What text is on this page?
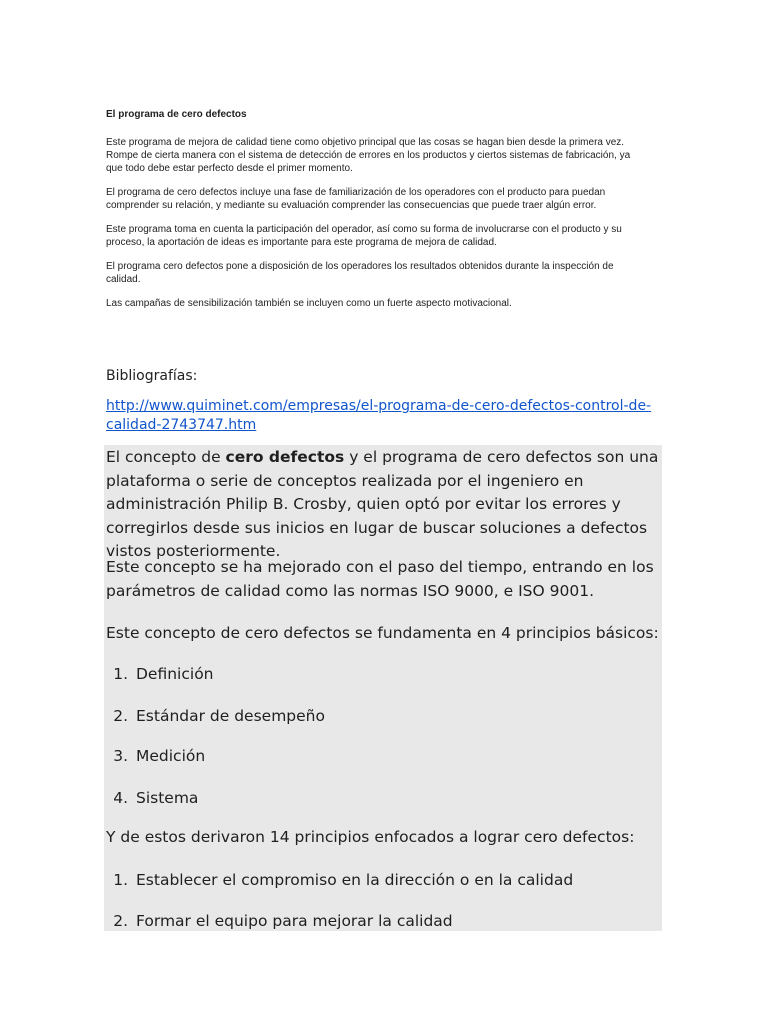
El programa de cero defectos

Este programa de mejora de calidad tiene como objetivo principal que las cosas se hagan bien desde la primera vez. Rompe de cierta manera con el sistema de detección de errores en los productos y ciertos sistemas de fabricación, ya que todo debe estar perfecto desde el primer momento.

El programa de cero defectos incluye una fase de familiarización de los operadores con el producto para puedan comprender su relación, y mediante su evaluación comprender las consecuencias que puede traer algún error.

Este programa toma en cuenta la participación del operador, así como su forma de involucrarse con el producto y su proceso, la aportación de ideas es importante para este programa de mejora de calidad.

El programa cero defectos pone a disposición de los operadores los resultados obtenidos durante la inspección de calidad.

Las campañas de sensibilización también se incluyen como un fuerte aspecto motivacional.

Bibliografías:
http://www.quiminet.com/empresas/el-programa-de-cero-defectos-control-de-calidad-2743747.htm
El concepto de cero defectos y el programa de cero defectos son una plataforma o serie de conceptos realizada por el ingeniero en administración Philip B. Crosby, quien optó por evitar los errores y corregirlos desde sus inicios en lugar de buscar soluciones a defectos vistos posteriormente.
Este concepto se ha mejorado con el paso del tiempo, entrando en los parámetros de calidad como las normas ISO 9000, e ISO 9001.
Este concepto de cero defectos se fundamenta en 4 principios básicos:
1. Definición
2. Estándar de desempeño
3. Medición
4. Sistema
Y de estos derivaron 14 principios enfocados a lograr cero defectos:
1. Establecer el compromiso en la dirección o en la calidad
2. Formar el equipo para mejorar la calidad
